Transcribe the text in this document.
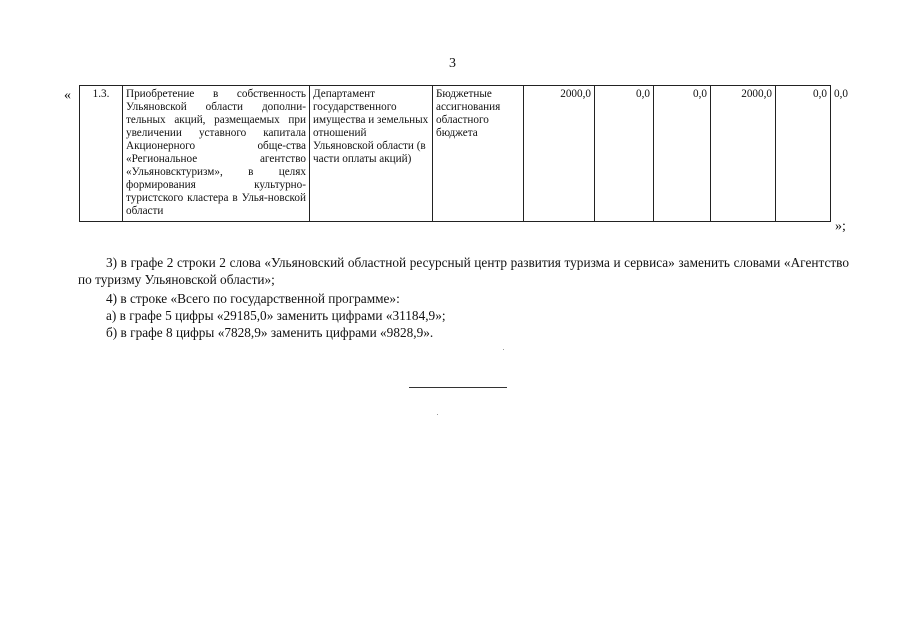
3
« 1.3.	Приобретение в собственность Ульяновской области дополни-тельных акций, размещаемых при увеличении уставного капитала Акционерного обще-ства «Региональное агентство «Ульяновсктуризм», в целях формирования культурно-туристского кластера в Улья-новской области	Департамент государственного имущества и земельных отношений Ульяновской области (в части оплаты акций)	Бюджетные ассигнования областного бюджета	2000,0	0,0	0,0	2000,0	0,0	0,0
»;
3) в графе 2 строки 2 слова «Ульяновский областной ресурсный центр развития туризма и сервиса» заменить словами «Агентство по туризму Ульяновской области»;
4) в строке «Всего по государственной программе»:
а) в графе 5 цифры «29185,0» заменить цифрами «31184,9»;
б) в графе 8 цифры «7828,9» заменить цифрами «9828,9».
